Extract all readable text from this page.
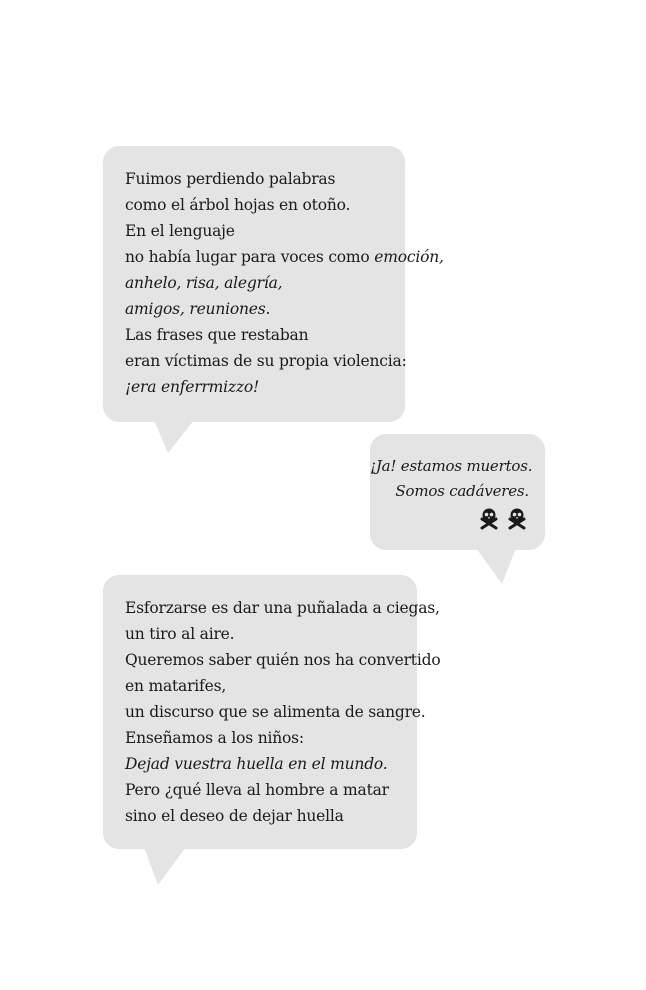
Fuimos perdiendo palabras
como el árbol hojas en otoño.
En el lenguaje
no había lugar para voces como emoción,
anhelo, risa, alegría,
amigos, reuniones.
Las frases que restaban
eran víctimas de su propia violencia:
¡era enferrmizzo!
¡Ja! estamos muertos.
Somos cadáveres.

Esforzarse es dar una puñalada a ciegas,
un tiro al aire.
Queremos saber quién nos ha convertido
en matarifes,
un discurso que se alimenta de sangre.
Enseñamos a los niños:
Dejad vuestra huella en el mundo.
Pero ¿qué lleva al hombre a matar
sino el deseo de dejar huella
